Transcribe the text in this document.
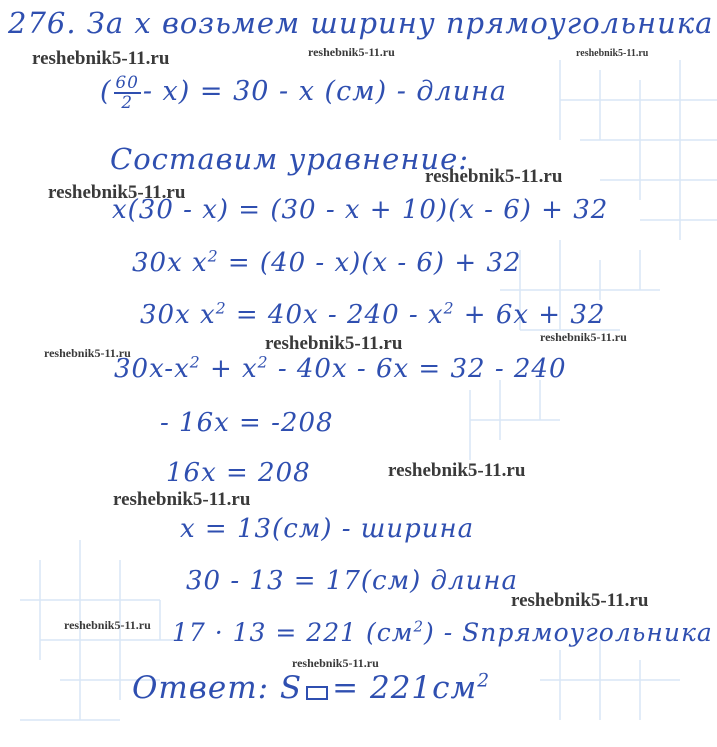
276. За x возьмем ширину прямоугольника
( $\frac{60}{2} - x) = 30 - x$ (см) - длина
Составим уравнение:
x(30 - x) = (30 - x + 10)(x - 6) + 32
30x $x^2 = (40 - x)(x - 6) + 32$
30x $x^2 = 40x - 240 - x^2 + 6x + 32$
$30x-x^2 + x^2 - 40x - 6x = 32 - 240$
- 16x = -208
16x = 208
x = 13(см) - ширина
30 - 13 = 17(см) длина
17 · 13 = 221 $(см^2)$ - Sпрямоугольника
Ответ: $S = 221см^2$
reshebnik5-11.ru	reshebnik5-11.ru	reshebnik5-11.ru
reshebnik5-11.ru
reshebnik5-11.ru
reshebnik5-11.ru	reshebnik5-11.ru	reshebnik5-11.ru
reshebnik5-11.ru
reshebnik5-11.ru
reshebnik5-11.ru
reshebnik5-11.ru
reshebnik5-11.ru
